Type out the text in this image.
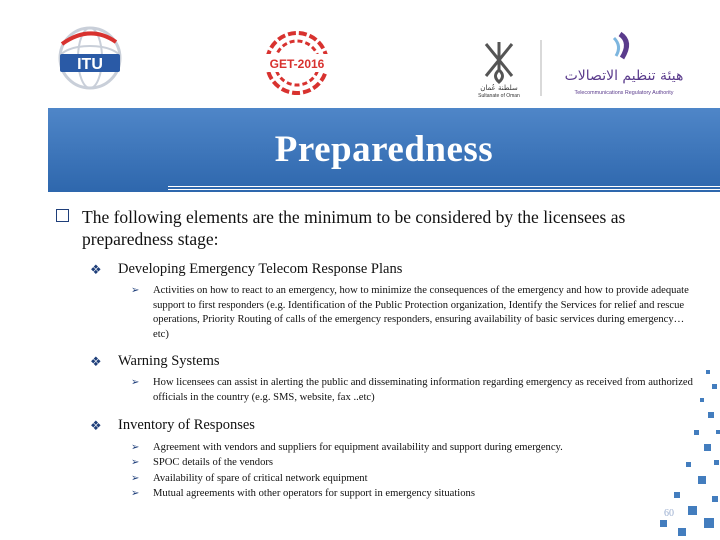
ITU	GET-2016
سلطنة عُمان
Sultanate of Oman
هيئة تنظيم الاتصالات
Telecommunications Regulatory Authority
Preparedness
The following elements are the minimum to be considered by the licensees as preparedness stage:
❖ Developing Emergency Telecom Response Plans
➢ Activities on how to react to an emergency, how to minimize the consequences of the emergency and how to provide adequate support to first responders (e.g. Identification of the Public Protection organization, Identify the Services for relief and rescue operations, Priority Routing of calls of the emergency responders, ensuring availability of basic services during emergency…etc)
❖ Warning Systems
➢ How licensees can assist in alerting the public and disseminating information regarding emergency as received from authorized officials in the country (e.g. SMS, website, fax ..etc)
❖ Inventory of Responses
➢ Agreement with vendors and suppliers for equipment availability and support during emergency.
➢ SPOC details of the vendors
➢ Availability of spare of critical network equipment
➢ Mutual agreements with other operators for support in emergency situations
60
